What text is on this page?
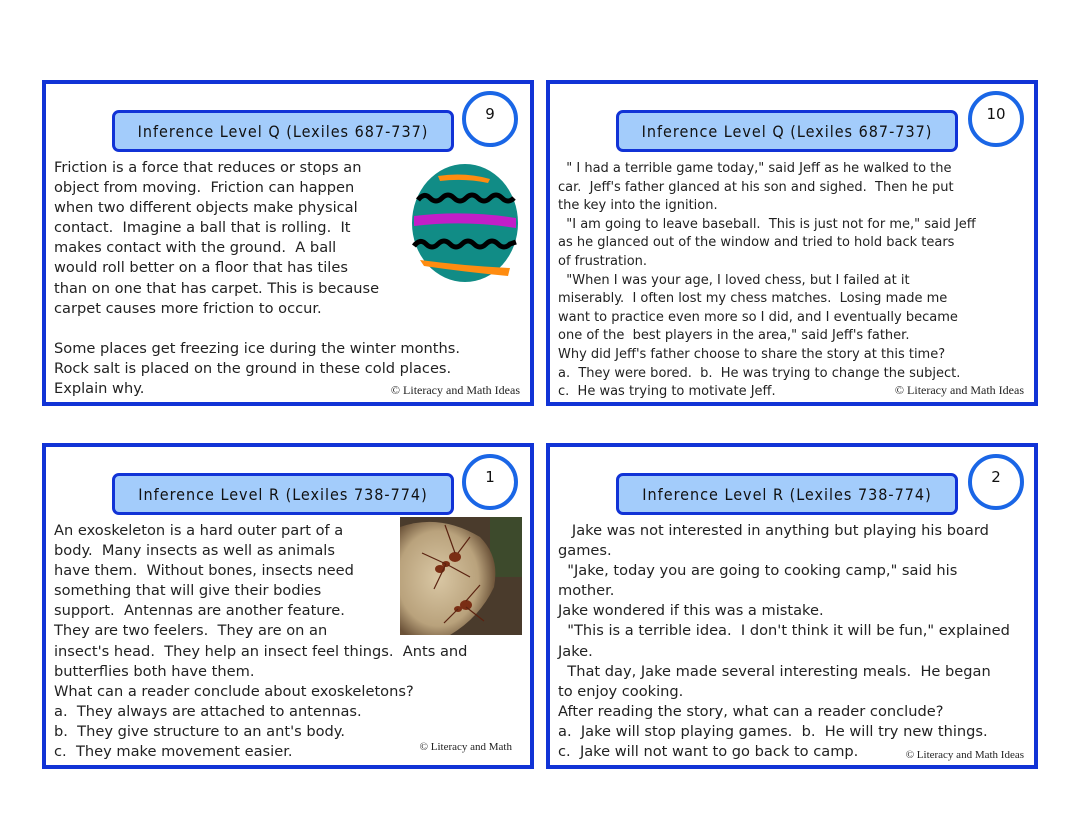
Inference Level Q (Lexiles 687-737)
9
Friction is a force that reduces or stops an
object from moving.  Friction can happen
when two different objects make physical
contact.  Imagine a ball that is rolling.  It
makes contact with the ground.  A ball
would roll better on a floor that has tiles
than on one that has carpet. This is because
carpet causes more friction to occur.
Some places get freezing ice during the winter months.
Rock salt is placed on the ground in these cold places.
Explain why.	© Literacy and Math Ideas
Inference Level Q (Lexiles 687-737)
10
" I had a terrible game today," said Jeff as he walked to the
car.  Jeff's father glanced at his son and sighed.  Then he put
the key into the ignition.
"I am going to leave baseball.  This is just not for me," said Jeff
as he glanced out of the window and tried to hold back tears
of frustration.
"When I was your age, I loved chess, but I failed at it
miserably.  I often lost my chess matches.  Losing made me
want to practice even more so I did, and I eventually became
one of the  best players in the area," said Jeff's father.
Why did Jeff's father choose to share the story at this time?
a.  They were bored.  b.  He was trying to change the subject.
c.  He was trying to motivate Jeff.	© Literacy and Math Ideas
Inference Level R (Lexiles 738-774)
1
An exoskeleton is a hard outer part of a
body.  Many insects as well as animals
have them.  Without bones, insects need
something that will give their bodies
support.  Antennas are another feature.
They are two feelers.  They are on an
insect's head.  They help an insect feel things.  Ants and
butterflies both have them.
What can a reader conclude about exoskeletons?
a.  They always are attached to antennas.
b.  They give structure to an ant's body.
c.  They make movement easier.	© Literacy and Math
Inference Level R (Lexiles 738-774)
2
Jake was not interested in anything but playing his board
games.
"Jake, today you are going to cooking camp," said his
mother.
Jake wondered if this was a mistake.
"This is a terrible idea.  I don't think it will be fun," explained
Jake.
That day, Jake made several interesting meals.  He began
to enjoy cooking.
After reading the story, what can a reader conclude?
a.  Jake will stop playing games.  b.  He will try new things.
c.  Jake will not want to go back to camp.	© Literacy and Math Ideas
